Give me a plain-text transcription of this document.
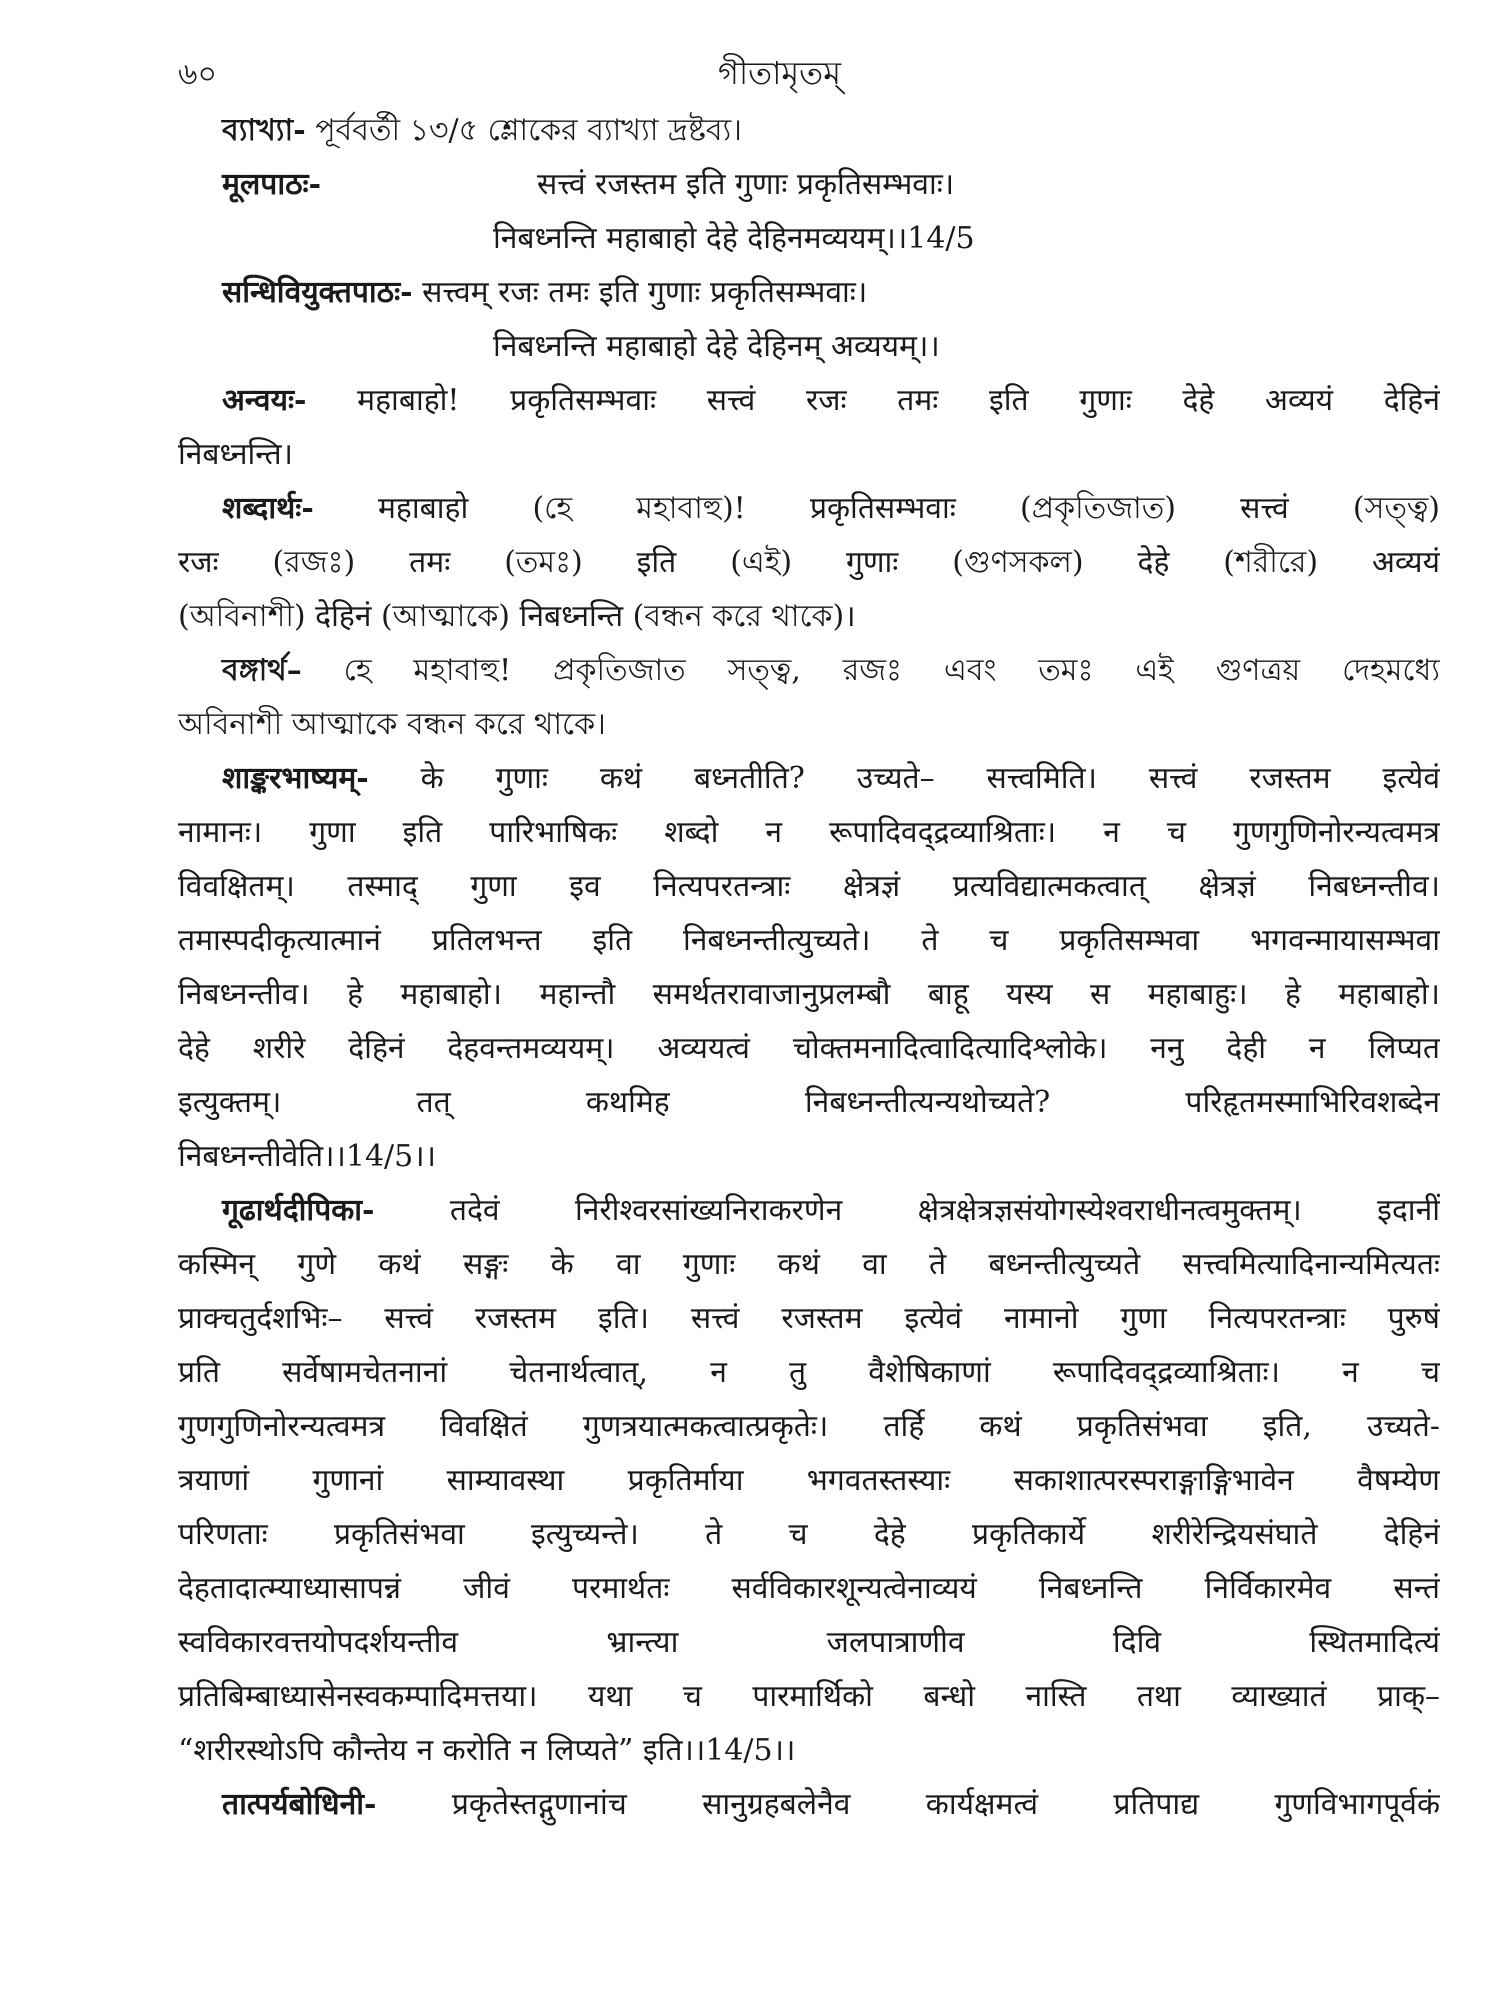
৬০	গীতামৃতম্

ব্যাখ্যা- পূর্ববর্তী ১৩/৫ শ্লোকের ব্যাখ্যা দ্রষ্টব্য।

मूलपाठः-	सत्त्वं रजस्तम इति गुणाः प्रकृतिसम्भवाः।

निबध्नन्ति महाबाहो देहे देहिनमव्ययम्।।14/5

सन्धिवियुक्तपाठः- सत्त्वम् रजः तमः इति गुणाः प्रकृतिसम्भवाः।

निबध्नन्ति महाबाहो देहे देहिनम् अव्ययम्।।

अन्वयः- महाबाहो! प्रकृतिसम्भवाः सत्त्वं रजः तमः इति गुणाः देहे अव्ययं देहिनं

निबध्नन्ति।

शब्दार्थः- महाबाहो (হে মহাবাহু)! प्रकृतिसम्भवाः (প্রকৃতিজাত) सत्त्वं (সত্ত্ব)

रजः (রজঃ) तमः (তমঃ) इति (এই) गुणाः (গুণসকল) देहे (শরীরে) अव्ययं

(অবিনাশী) देहिनं (আত্মাকে) निबध्नन्ति (বন্ধন করে থাকে)।

বঙ্গার্থ– হে মহাবাহু! প্রকৃতিজাত সত্ত্ব, রজঃ এবং তমঃ এই গুণত্রয় দেহমধ্যে

অবিনাশী আত্মাকে বন্ধন করে থাকে।

शाङ्करभाष्यम्- के गुणाः कथं बध्नतीति? उच्यते– सत्त्वमिति। सत्त्वं रजस्तम इत्येवं

नामानः। गुणा इति पारिभाषिकः शब्दो न रूपादिवद्द्रव्याश्रिताः। न च गुणगुणिनोरन्यत्वमत्र

विवक्षितम्। तस्माद् गुणा इव नित्यपरतन्त्राः क्षेत्रज्ञं प्रत्यविद्यात्मकत्वात् क्षेत्रज्ञं निबध्नन्तीव।

तमास्पदीकृत्यात्मानं प्रतिलभन्त इति निबध्नन्तीत्युच्यते। ते च प्रकृतिसम्भवा भगवन्मायासम्भवा

निबध्नन्तीव। हे महाबाहो। महान्तौ समर्थतरावाजानुप्रलम्बौ बाहू यस्य स महाबाहुः। हे महाबाहो।

देहे शरीरे देहिनं देहवन्तमव्ययम्। अव्ययत्वं चोक्तमनादित्वादित्यादिश्लोके। ननु देही न लिप्यत

इत्युक्तम्। तत् कथमिह निबध्नन्तीत्यन्यथोच्यते? परिहृतमस्माभिरिवशब्देन

निबध्नन्तीवेति।।14/5।।

गूढार्थदीपिका- तदेवं निरीश्वरसांख्यनिराकरणेन क्षेत्रक्षेत्रज्ञसंयोगस्येश्वराधीनत्वमुक्तम्। इदानीं

कस्मिन् गुणे कथं सङ्गः के वा गुणाः कथं वा ते बध्नन्तीत्युच्यते सत्त्वमित्यादिनान्यमित्यतः

प्राक्चतुर्दशभिः– सत्त्वं रजस्तम इति। सत्त्वं रजस्तम इत्येवं नामानो गुणा नित्यपरतन्त्राः पुरुषं

प्रति सर्वेषामचेतनानां चेतनार्थत्वात्, न तु वैशेषिकाणां रूपादिवद्द्रव्याश्रिताः। न च

गुणगुणिनोरन्यत्वमत्र विवक्षितं गुणत्रयात्मकत्वात्प्रकृतेः। तर्हि कथं प्रकृतिसंभवा इति, उच्यते-

त्रयाणां गुणानां साम्यावस्था प्रकृतिर्माया भगवतस्तस्याः सकाशात्परस्पराङ्गाङ्गिभावेन वैषम्येण

परिणताः प्रकृतिसंभवा इत्युच्यन्ते। ते च देहे प्रकृतिकार्ये शरीरेन्द्रियसंघाते देहिनं

देहतादात्म्याध्यासापन्नं जीवं परमार्थतः सर्वविकारशून्यत्वेनाव्ययं निबध्नन्ति निर्विकारमेव सन्तं

स्वविकारवत्तयोपदर्शयन्तीव भ्रान्त्या जलपात्राणीव दिवि स्थितमादित्यं

प्रतिबिम्बाध्यासेनस्वकम्पादिमत्तया। यथा च पारमार्थिको बन्धो नास्ति तथा व्याख्यातं प्राक्–

“शरीरस्थोऽपि कौन्तेय न करोति न लिप्यते” इति।।14/5।।

तात्पर्यबोधिनी- प्रकृतेस्तद्गुणानांच सानुग्रहबलेनैव कार्यक्षमत्वं प्रतिपाद्य गुणविभागपूर्वकं
